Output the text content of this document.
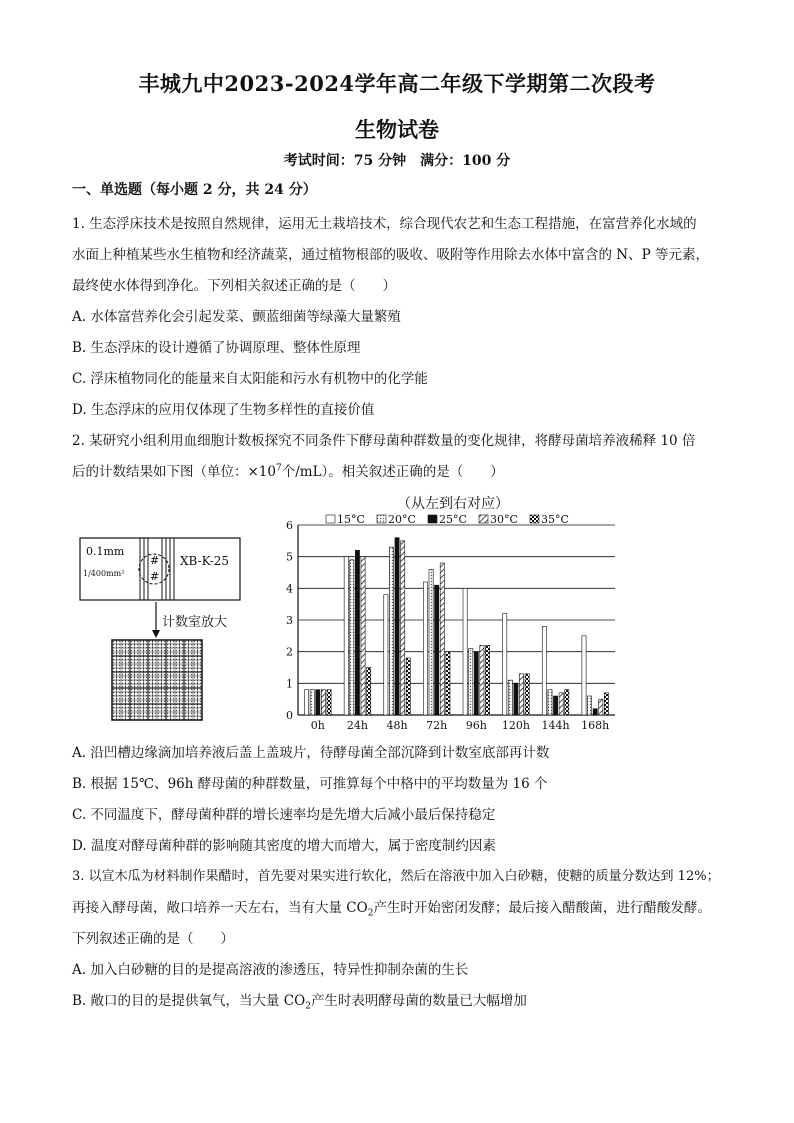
丰城九中2023-2024学年高二年级下学期第二次段考
生物试卷
考试时间：75 分钟　满分：100 分
一、单选题（每小题 2 分，共 24 分）
1. 生态浮床技术是按照自然规律，运用无土栽培技术，综合现代农艺和生态工程措施，在富营养化水域的
水面上种植某些水生植物和经济蔬菜，通过植物根部的吸收、吸附等作用除去水体中富含的 N、P 等元素，
最终使水体得到净化。下列相关叙述正确的是（　　）
A. 水体富营养化会引起发菜、颤蓝细菌等绿藻大量繁殖
B. 生态浮床的设计遵循了协调原理、整体性原理
C. 浮床植物同化的能量来自太阳能和污水有机物中的化学能
D. 生态浮床的应用仅体现了生物多样性的直接价值
2. 某研究小组利用血细胞计数板探究不同条件下酵母菌种群数量的变化规律，将酵母菌培养液稀释 10 倍
后的计数结果如下图（单位：$\times 10^7$个/mL）。相关叙述正确的是（　　）
#
#
0.1mm
1/400mm²
XB-K-25
计数室放大
（从左到右对应）
15°C 20°C 25°C 30°C 35°C
0
1
2
3
4
5
6
0h 24h 48h 72h 96h 120h 144h 168h
A. 沿凹槽边缘滴加培养液后盖上盖玻片，待酵母菌全部沉降到计数室底部再计数
B. 根据 15℃、96h 酵母菌的种群数量，可推算每个中格中的平均数量为 16 个
C. 不同温度下，酵母菌种群的增长速率均是先增大后减小最后保持稳定
D. 温度对酵母菌种群的影响随其密度的增大而增大，属于密度制约因素
3. 以宣木瓜为材料制作果醋时，首先要对果实进行软化，然后在溶液中加入白砂糖，使糖的质量分数达到 12%；
再接入酵母菌，敞口培养一天左右，当有大量 $CO_2$产生时开始密闭发酵；最后接入醋酸菌，进行醋酸发酵。
下列叙述正确的是（　　）
A. 加入白砂糖的目的是提高溶液的渗透压，特异性抑制杂菌的生长
B. 敞口的目的是提供氧气，当大量 $CO_2$产生时表明酵母菌的数量已大幅增加
